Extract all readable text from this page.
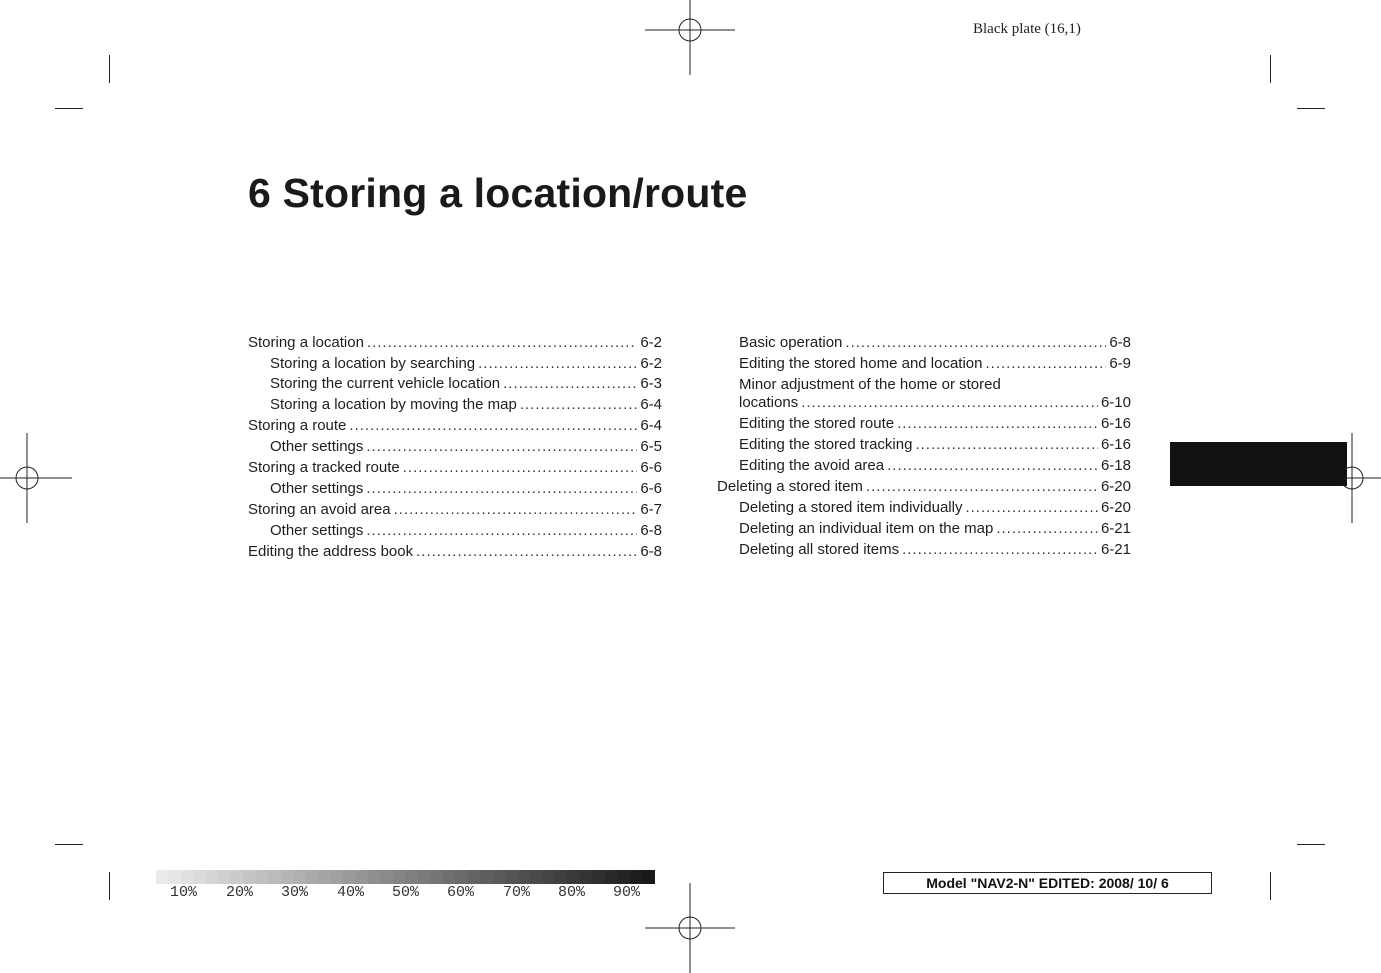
Black plate (16,1)
6 Storing a location/route
Storing a location .....	6-2
Storing a location by searching .....	6-2
Storing the current vehicle location .....	6-3
Storing a location by moving the map .....	6-4
Storing a route .....	6-4
Other settings .....	6-5
Storing a tracked route .....	6-6
Other settings .....	6-6
Storing an avoid area .....	6-7
Other settings .....	6-8
Editing the address book .....	6-8
Basic operation .....	6-8
Editing the stored home and location .....	6-9
Minor adjustment of the home or stored
locations .....	6-10
Editing the stored route .....	6-16
Editing the stored tracking .....	6-16
Editing the avoid area .....	6-18
Deleting a stored item .....	6-20
Deleting a stored item individually .....	6-20
Deleting an individual item on the map .....	6-21
Deleting all stored items .....	6-21
10% 20% 30% 40% 50% 60% 70% 80% 90%
Model "NAV2-N" EDITED: 2008/ 10/ 6
